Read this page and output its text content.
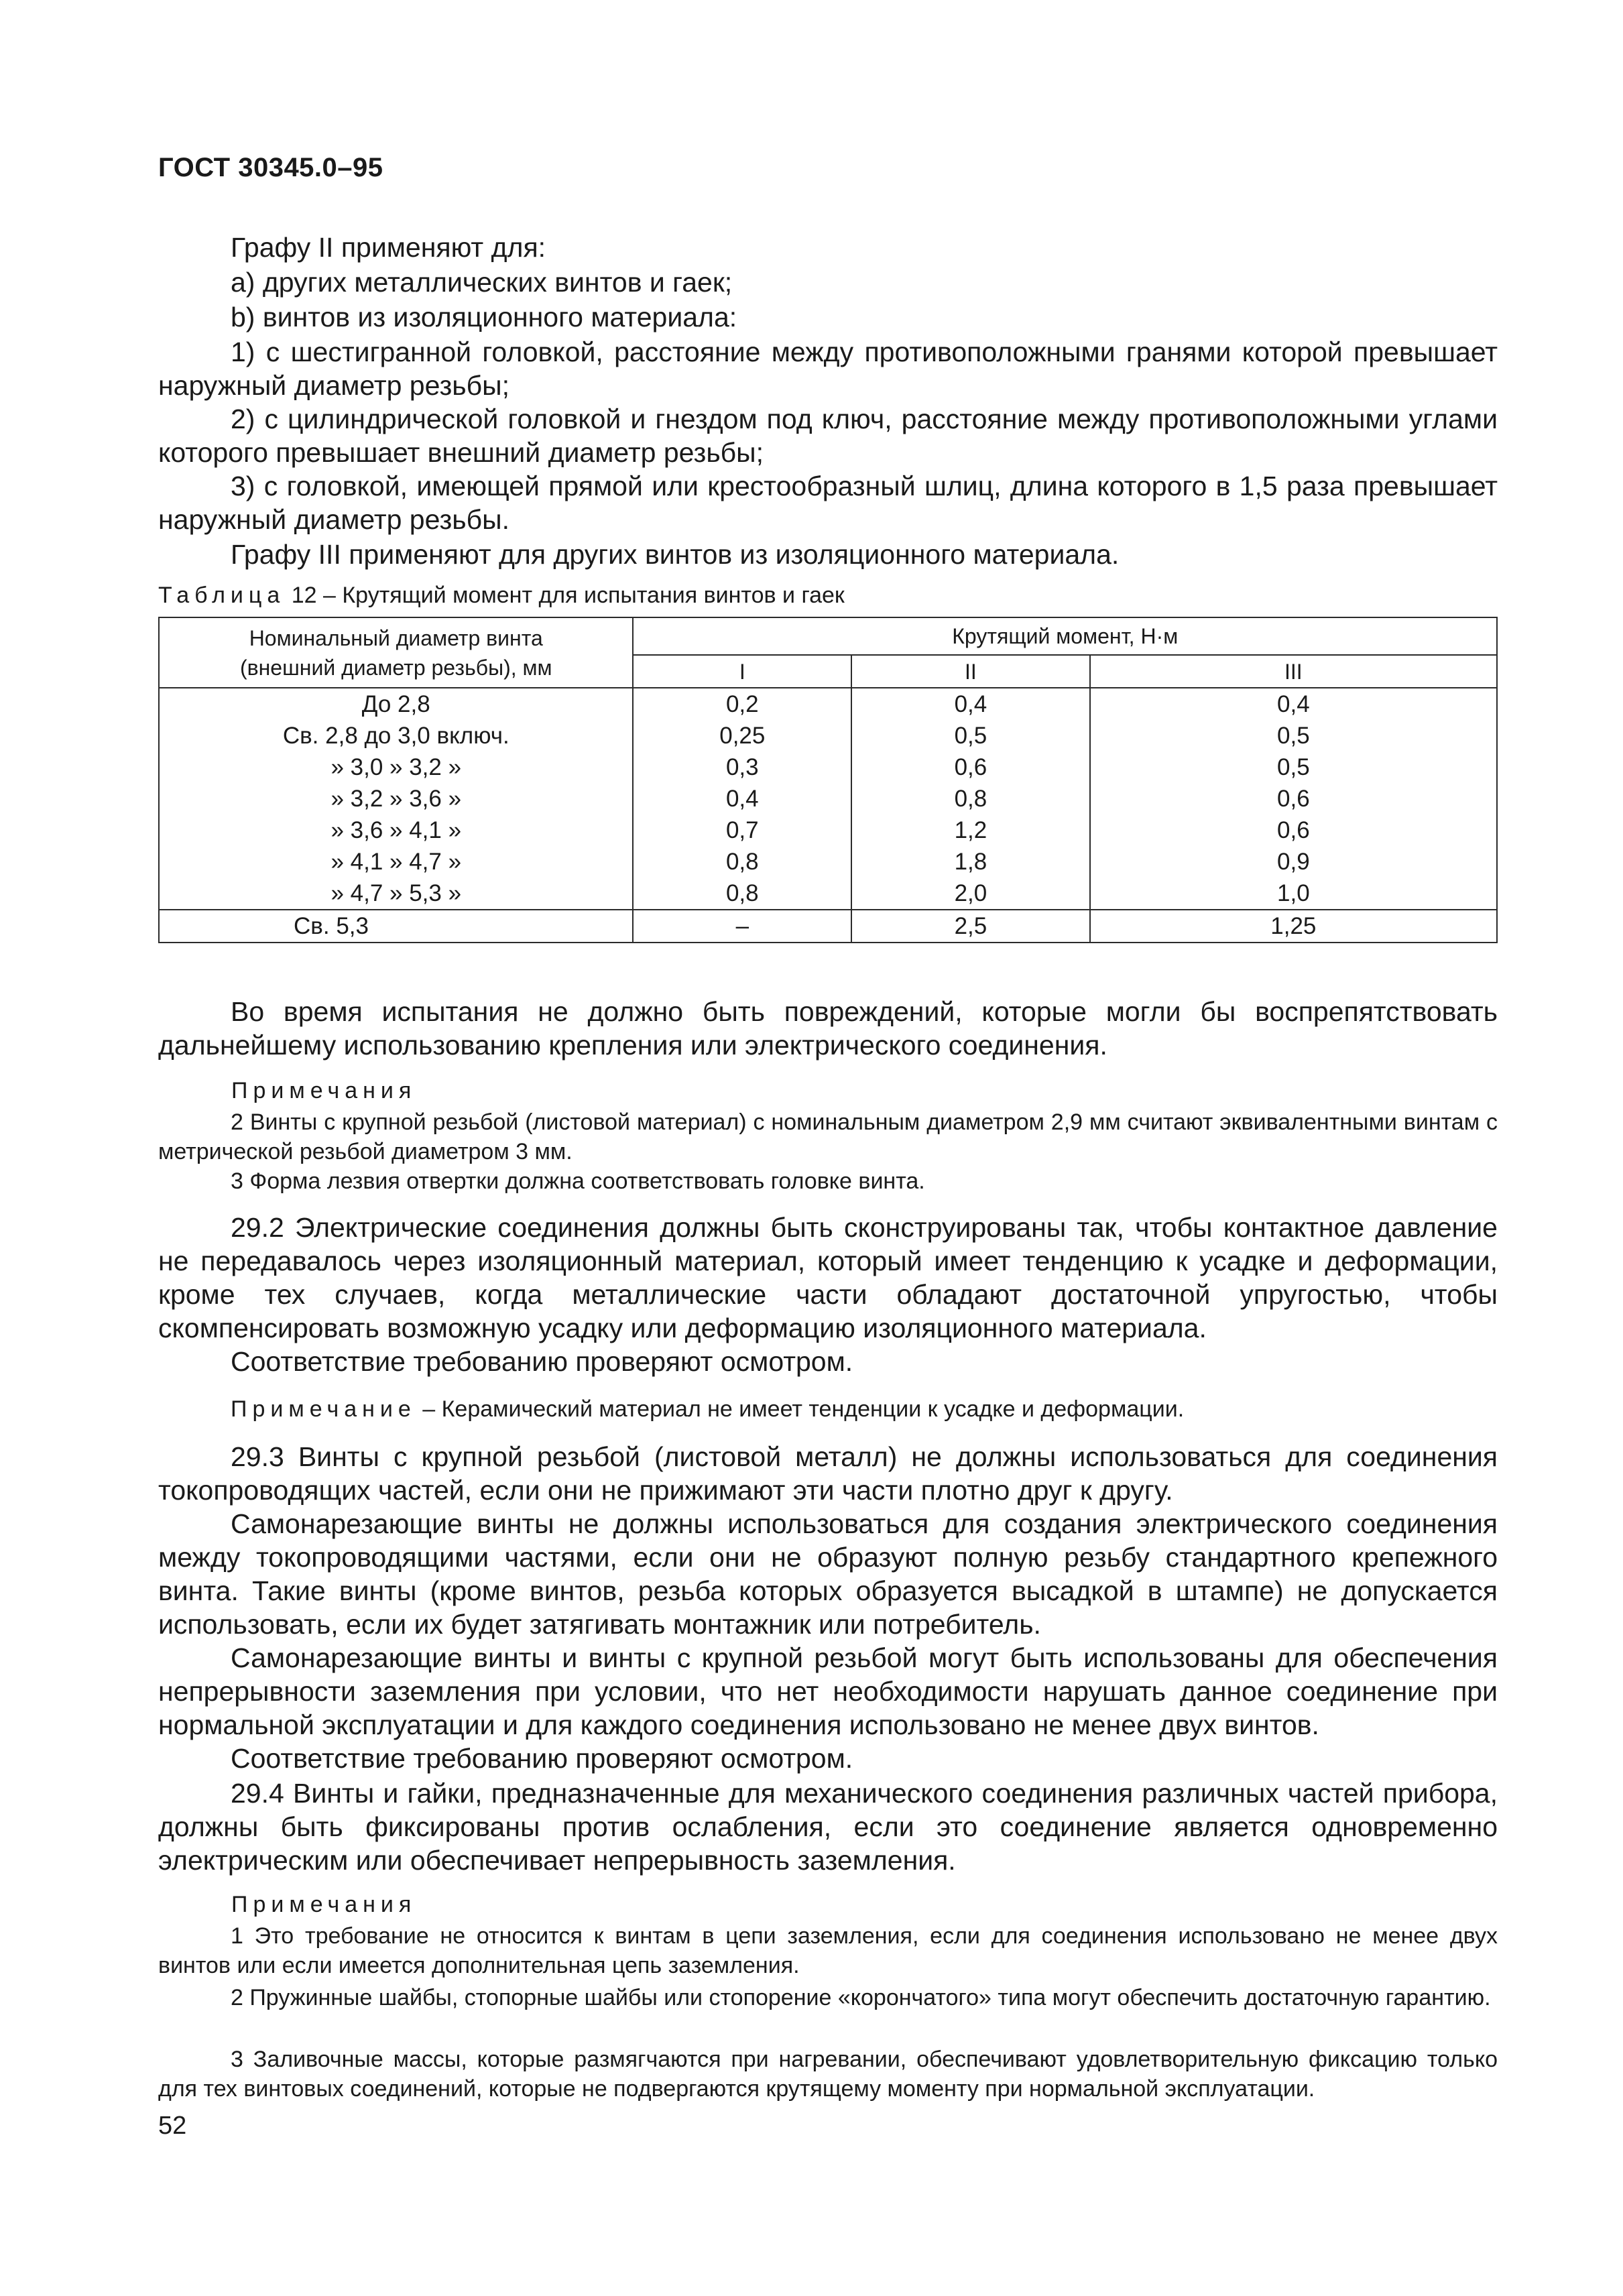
ГОСТ 30345.0–95
Графу II применяют для:
a) других металлических винтов и гаек;
b) винтов из изоляционного материала:
1) с шестигранной головкой, расстояние между противоположными гранями которой превышает наружный диаметр резьбы;
2) с цилиндрической головкой и гнездом под ключ, расстояние между противоположными углами которого превышает внешний диаметр резьбы;
3) с головкой, имеющей прямой или крестообразный шлиц, длина которого в 1,5 раза превышает наружный диаметр резьбы.
Графу III применяют для других винтов из изоляционного материала.
Таблица 12 – Крутящий момент для испытания винтов и гаек
Номинальный диаметр винта (внешний диаметр резьбы), мм	Крутящий момент, Н·м		
	I	II	III
До 2,8	0,2	0,4	0,4
Св. 2,8 до 3,0 включ.	0,25	0,5	0,5
» 3,0 » 3,2 »	0,3	0,6	0,5
» 3,2 » 3,6 »	0,4	0,8	0,6
» 3,6 » 4,1 »	0,7	1,2	0,6
» 4,1 » 4,7 »	0,8	1,8	0,9
» 4,7 » 5,3 »	0,8	2,0	1,0
Св. 5,3	–	2,5	1,25
Во время испытания не должно быть повреждений, которые могли бы воспрепятствовать дальнейшему использованию крепления или электрического соединения.
Примечания
2 Винты с крупной резьбой (листовой материал) с номинальным диаметром 2,9 мм считают эквивалентными винтам с метрической резьбой диаметром 3 мм.
3 Форма лезвия отвертки должна соответствовать головке винта.
29.2 Электрические соединения должны быть сконструированы так, чтобы контактное давление не передавалось через изоляционный материал, который имеет тенденцию к усадке и деформации, кроме тех случаев, когда металлические части обладают достаточной упругостью, чтобы скомпенсировать возможную усадку или деформацию изоляционного материала.
Соответствие требованию проверяют осмотром.
Примечание – Керамический материал не имеет тенденции к усадке и деформации.
29.3 Винты с крупной резьбой (листовой металл) не должны использоваться для соединения токопроводящих частей, если они не прижимают эти части плотно друг к другу.
Самонарезающие винты не должны использоваться для создания электрического соединения между токопроводящими частями, если они не образуют полную резьбу стандартного крепежного винта. Такие винты (кроме винтов, резьба которых образуется высадкой в штампе) не допускается использовать, если их будет затягивать монтажник или потребитель.
Самонарезающие винты и винты с крупной резьбой могут быть использованы для обеспечения непрерывности заземления при условии, что нет необходимости нарушать данное соединение при нормальной эксплуатации и для каждого соединения использовано не менее двух винтов.
Соответствие требованию проверяют осмотром.
29.4 Винты и гайки, предназначенные для механического соединения различных частей прибора, должны быть фиксированы против ослабления, если это соединение является одновременно электрическим или обеспечивает непрерывность заземления.
Примечания
1 Это требование не относится к винтам в цепи заземления, если для соединения использовано не менее двух винтов или если имеется дополнительная цепь заземления.
2 Пружинные шайбы, стопорные шайбы или стопорение «корончатого» типа могут обеспечить достаточную гарантию.
3 Заливочные массы, которые размягчаются при нагревании, обеспечивают удовлетворительную фиксацию только для тех винтовых соединений, которые не подвергаются крутящему моменту при нормальной эксплуатации.
52
